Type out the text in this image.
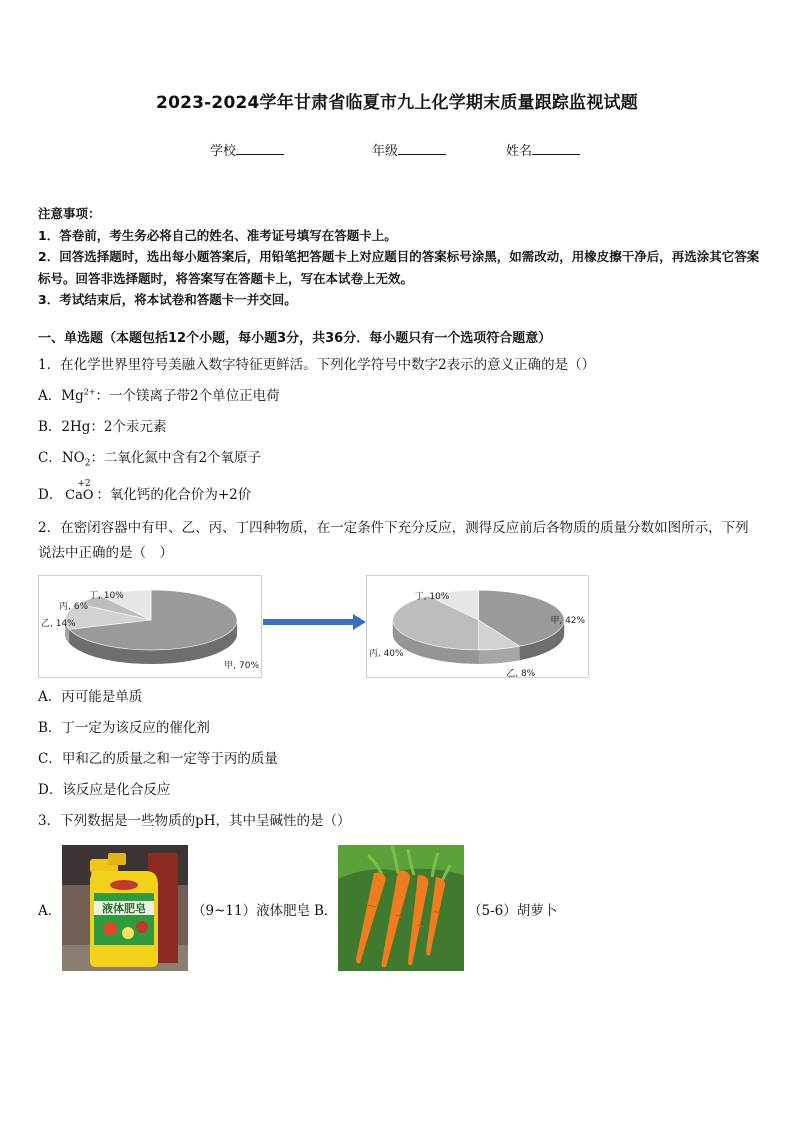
2023-2024学年甘肃省临夏市九上化学期末质量跟踪监视试题
学校	年级	姓名

注意事项：

1．答卷前，考生务必将自己的姓名、准考证号填写在答题卡上。

2．回答选择题时，选出每小题答案后，用铅笔把答题卡上对应题目的答案标号涂黑，如需改动，用橡皮擦干净后，再选涂其它答案标号。回答非选择题时，将答案写在答题卡上，写在本试卷上无效。

3．考试结束后，将本试卷和答题卡一并交回。

一、单选题（本题包括12个小题，每小题3分，共36分．每小题只有一个选项符合题意）
1．在化学世界里符号美融入数字特征更鲜活。下列化学符号中数字2表示的意义正确的是（）
A．$Mg^{2+}$：一个镁离子带2个单位正电荷
B．2Hg：2个汞元素
C．$NO_2$：二氧化氮中含有2个氧原子
D．
+2
CaO ：氧化钙的化合价为+2价
2．在密闭容器中有甲、乙、丙、丁四种物质，在一定条件下充分反应，测得反应前后各物质的质量分数如图所示，下列说法中正确的是（　）
甲, 70%
乙, 14%
丙, 6%
丁, 10%
甲, 42%
乙, 8%
丙, 40%
丁, 10%
A．丙可能是单质
B．丁一定为该反应的催化剂
C．甲和乙的质量之和一定等于丙的质量
D．该反应是化合反应
3．下列数据是一些物质的pH，其中呈碱性的是（）
A．	液体肥皂	（9~11）液体肥皂 B．	（5-6）胡萝卜
